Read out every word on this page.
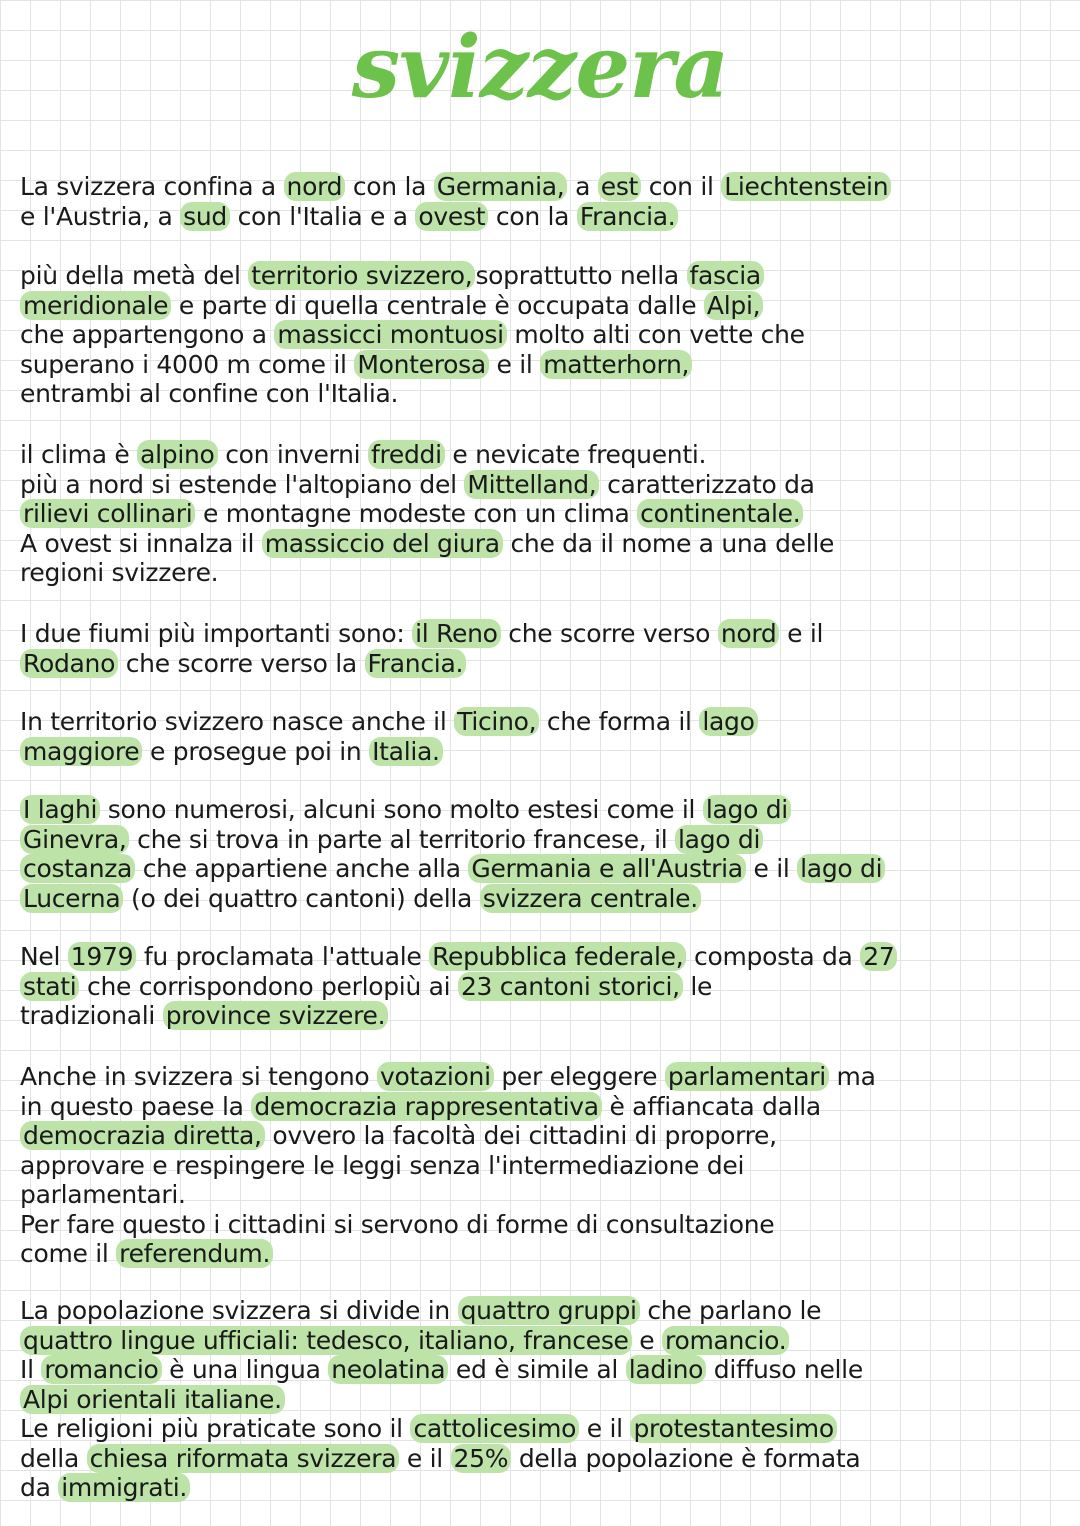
svizzera

La svizzera confina a nord con la Germania, a est con il Liechtenstein
e l'Austria, a sud con l'Italia e a ovest con la Francia.

più della metà del territorio svizzero, soprattutto nella fascia
meridionale e parte di quella centrale è occupata dalle Alpi,
che appartengono a massicci montuosi molto alti con vette che
superano i 4000 m come il Monterosa e il matterhorn,
entrambi al confine con l'Italia.

il clima è alpino con inverni freddi e nevicate frequenti.
più a nord si estende l'altopiano del Mittelland, caratterizzato da
rilievi collinari e montagne modeste con un clima continentale.
A ovest si innalza il massiccio del giura che da il nome a una delle
regioni svizzere.

I due fiumi più importanti sono: il Reno che scorre verso nord e il
Rodano che scorre verso la Francia.

In territorio svizzero nasce anche il Ticino, che forma il lago
maggiore e prosegue poi in Italia.

I laghi sono numerosi, alcuni sono molto estesi come il lago di
Ginevra, che si trova in parte al territorio francese, il lago di
costanza che appartiene anche alla Germania e all'Austria e il lago di
Lucerna (o dei quattro cantoni) della svizzera centrale.

Nel 1979 fu proclamata l'attuale Repubblica federale, composta da 27
stati che corrispondono perlopiù ai 23 cantoni storici, le
tradizionali province svizzere.

Anche in svizzera si tengono votazioni per eleggere parlamentari ma
in questo paese la democrazia rappresentativa è affiancata dalla
democrazia diretta, ovvero la facoltà dei cittadini di proporre,
approvare e respingere le leggi senza l'intermediazione dei
parlamentari.
Per fare questo i cittadini si servono di forme di consultazione
come il referendum.

La popolazione svizzera si divide in quattro gruppi che parlano le
quattro lingue ufficiali: tedesco, italiano, francese e romancio.
Il romancio è una lingua neolatina ed è simile al ladino diffuso nelle
Alpi orientali italiane.
Le religioni più praticate sono il cattolicesimo e il protestantesimo
della chiesa riformata svizzera e il 25% della popolazione è formata
da immigrati.
